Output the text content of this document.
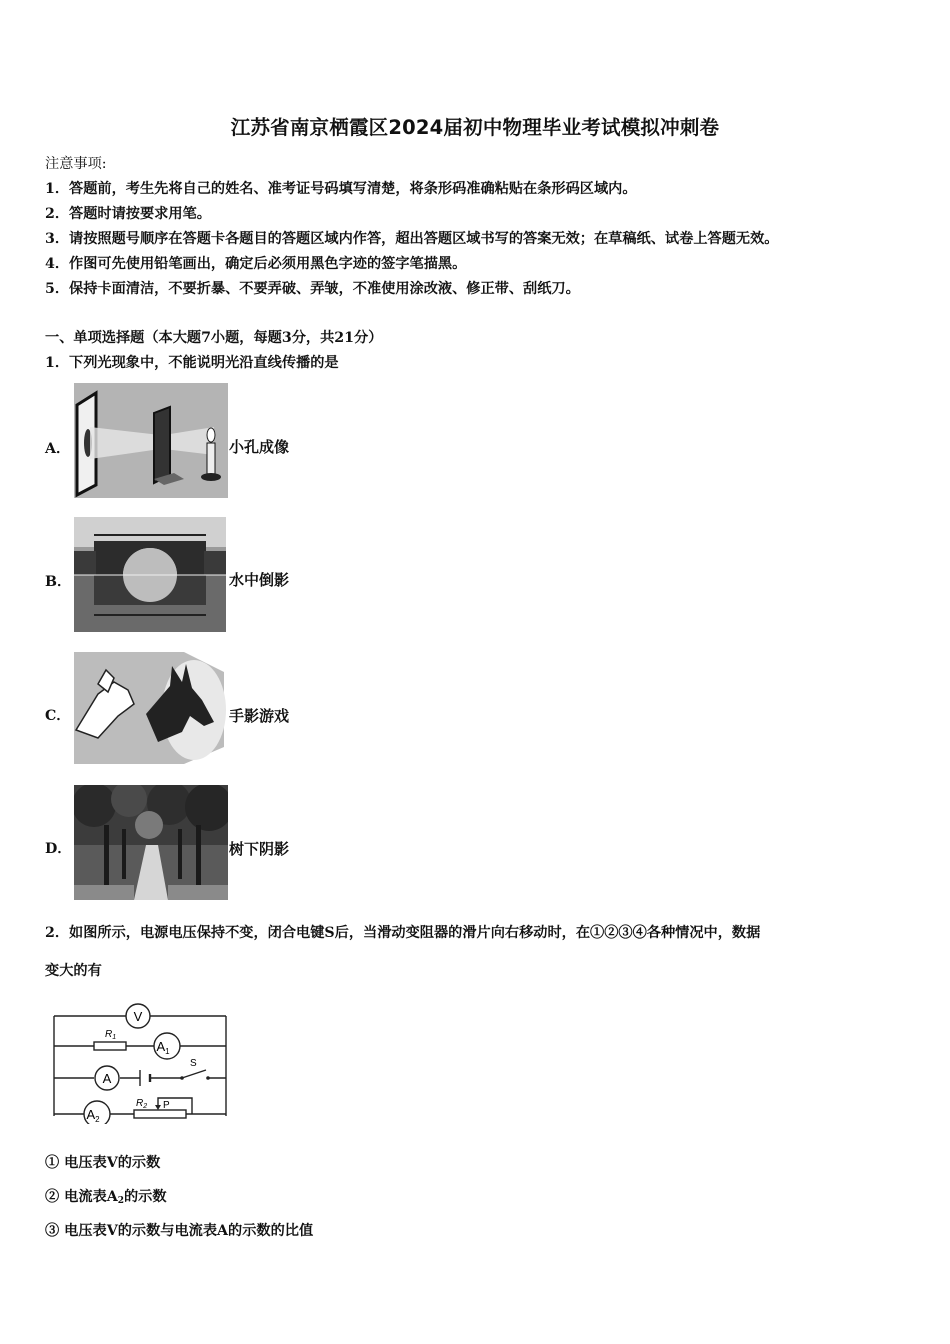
江苏省南京栖霞区2024届初中物理毕业考试模拟冲刺卷
注意事项:
1．答题前，考生先将自己的姓名、准考证号码填写清楚，将条形码准确粘贴在条形码区域内。
2．答题时请按要求用笔。
3．请按照题号顺序在答题卡各题目的答题区域内作答，超出答题区域书写的答案无效；在草稿纸、试卷上答题无效。
4．作图可先使用铅笔画出，确定后必须用黑色字迹的签字笔描黑。
5．保持卡面清洁，不要折暴、不要弄破、弄皱，不准使用涂改液、修正带、刮纸刀。
一、单项选择题（本大题7小题，每题3分，共21分）
1．下列光现象中，不能说明光沿直线传播的是
A．	小孔成像
B．	水中倒影
C．	手影游戏
D．	树下阴影
2．如图所示，电源电压保持不变，闭合电键S后，当滑动变阻器的滑片向右移动时，在①②③④各种情况中，数据
变大的有
V
$R_1$
$A_1$
A
S
$A_2$
$R_2$ P
① 电压表V的示数
② 电流表$A_2$的示数
③ 电压表V的示数与电流表A的示数的比值
